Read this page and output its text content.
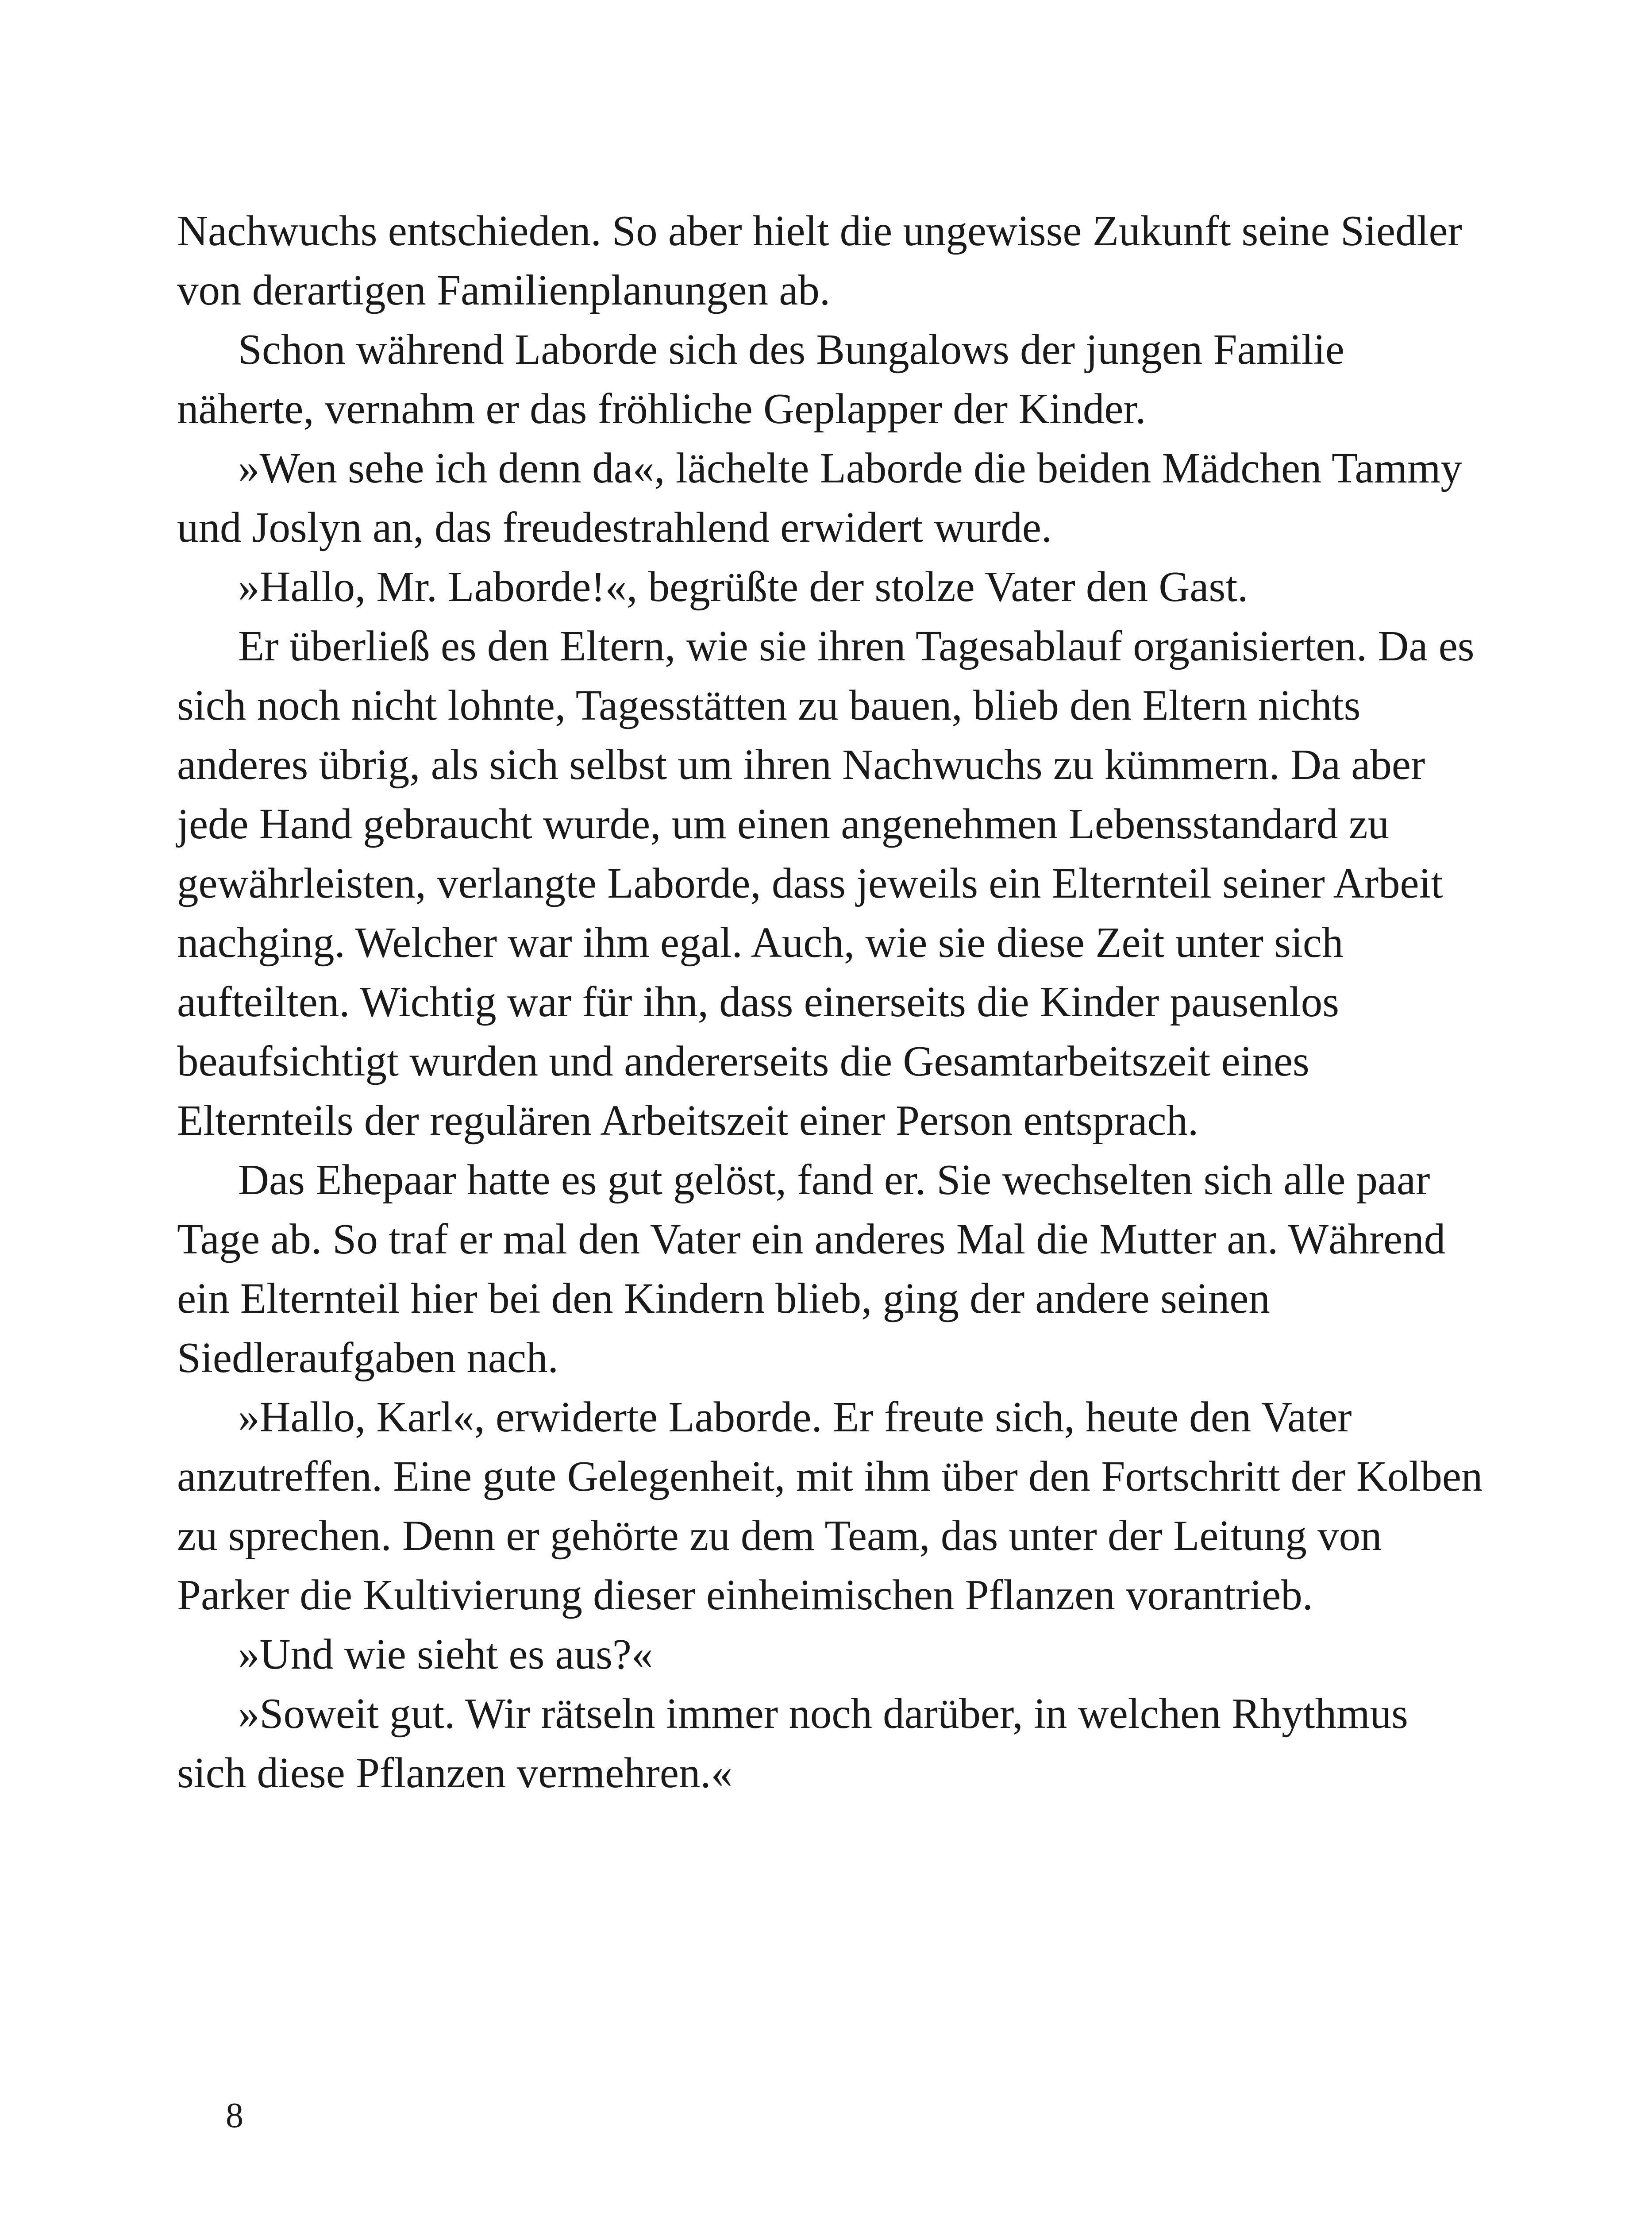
Nachwuchs entschieden. So aber hielt die ungewisse Zukunft seine Siedler von derartigen Familienplanungen ab.

Schon während Laborde sich des Bungalows der jungen Familie näherte, vernahm er das fröhliche Geplapper der Kinder.

»Wen sehe ich denn da«, lächelte Laborde die beiden Mädchen Tammy und Joslyn an, das freudestrahlend erwidert wurde.

»Hallo, Mr. Laborde!«, begrüßte der stolze Vater den Gast.

Er überließ es den Eltern, wie sie ihren Tagesablauf organisierten. Da es sich noch nicht lohnte, Tagesstätten zu bauen, blieb den Eltern nichts anderes übrig, als sich selbst um ihren Nachwuchs zu kümmern. Da aber jede Hand gebraucht wurde, um einen angenehmen Lebensstandard zu gewährleisten, verlangte Laborde, dass jeweils ein Elternteil seiner Arbeit nachging. Welcher war ihm egal. Auch, wie sie diese Zeit unter sich aufteilten. Wichtig war für ihn, dass einerseits die Kinder pausenlos beaufsichtigt wurden und andererseits die Gesamtarbeitszeit eines Elternteils der regulären Arbeitszeit einer Person entsprach.

Das Ehepaar hatte es gut gelöst, fand er. Sie wechselten sich alle paar Tage ab. So traf er mal den Vater ein anderes Mal die Mutter an. Während ein Elternteil hier bei den Kindern blieb, ging der andere seinen Siedleraufgaben nach.

»Hallo, Karl«, erwiderte Laborde. Er freute sich, heute den Vater anzutreffen. Eine gute Gelegenheit, mit ihm über den Fortschritt der Kolben zu sprechen. Denn er gehörte zu dem Team, das unter der Leitung von Parker die Kultivierung dieser einheimischen Pflanzen vorantrieb.

»Und wie sieht es aus?«

»Soweit gut. Wir rätseln immer noch darüber, in welchen Rhythmus sich diese Pflanzen vermehren.«

8
